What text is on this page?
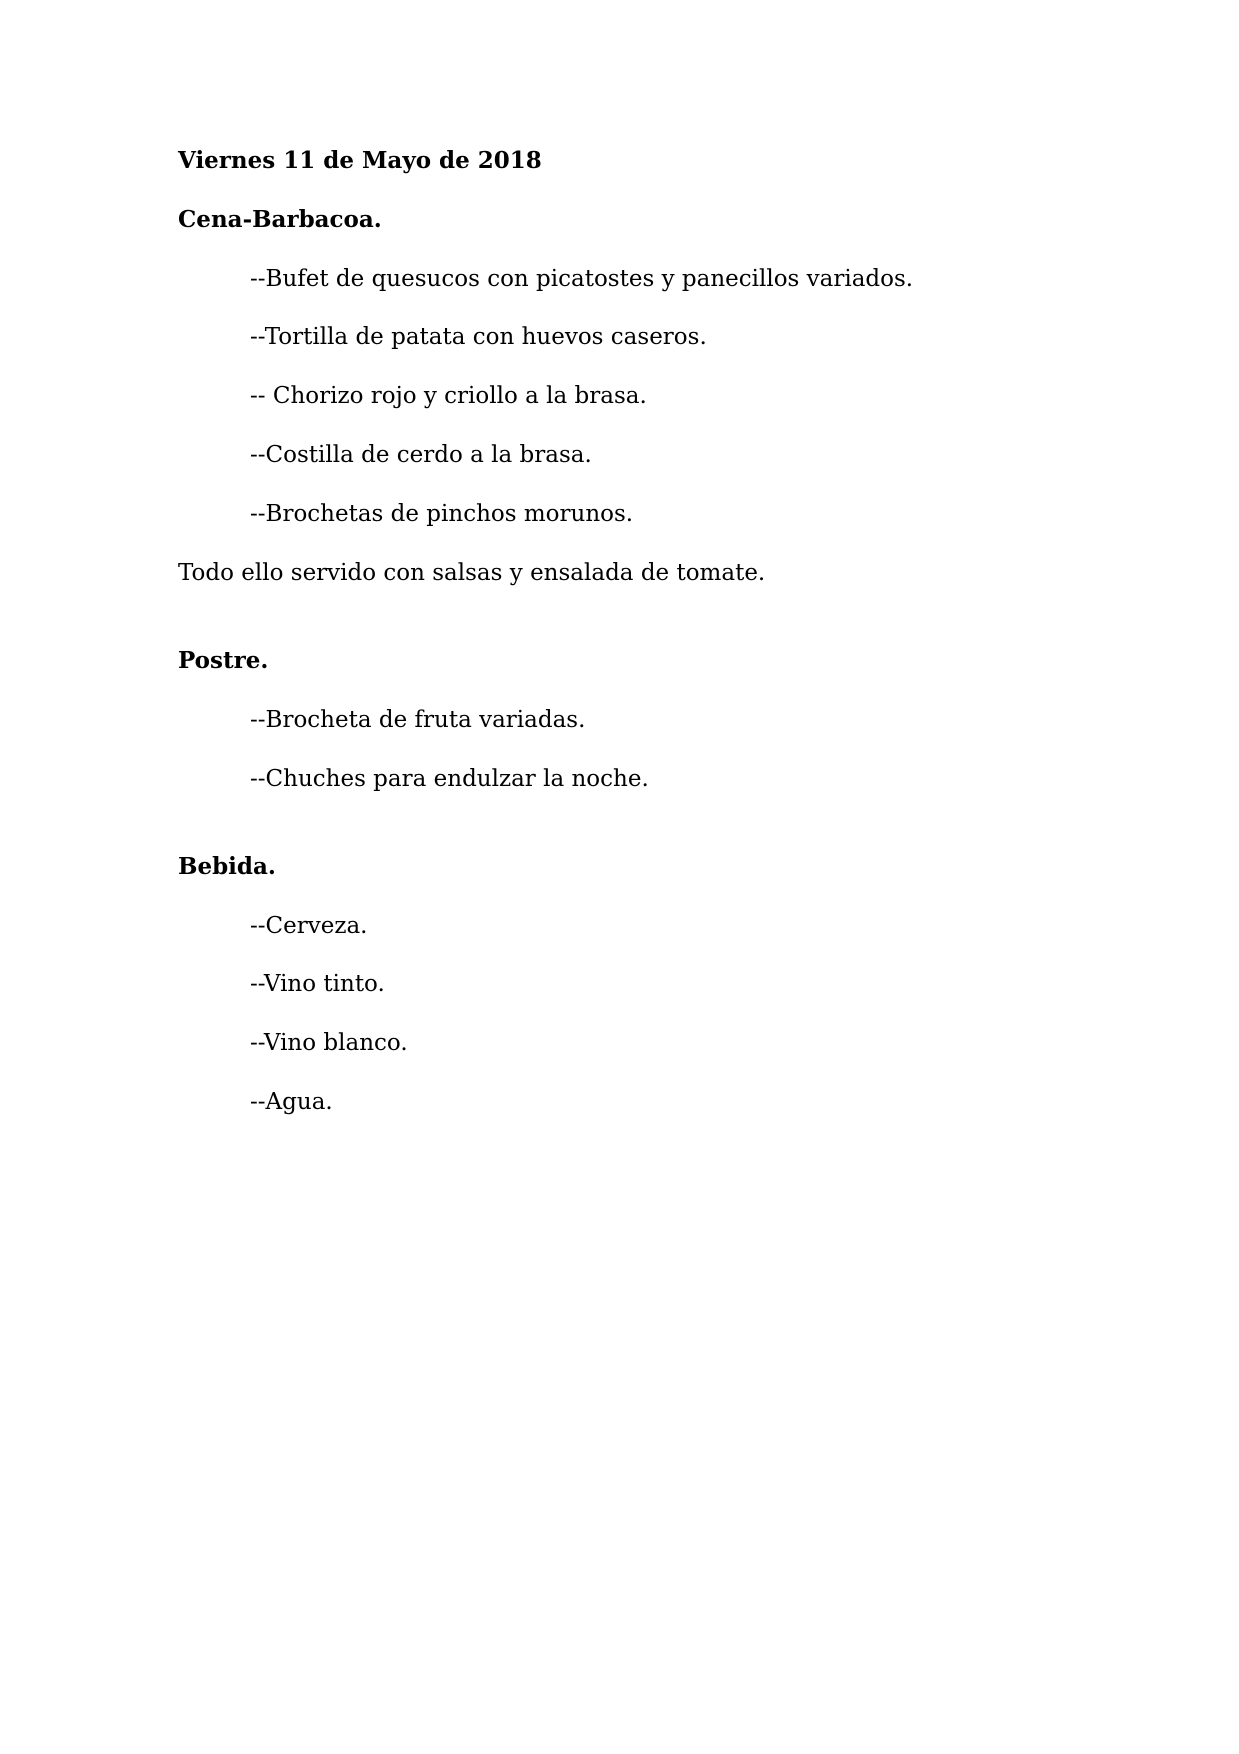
Viernes 11 de Mayo de 2018
Cena-Barbacoa.
--Bufet de quesucos con picatostes y panecillos variados.
--Tortilla de patata con huevos caseros.
-- Chorizo rojo y criollo a la brasa.
--Costilla de cerdo a la brasa.
--Brochetas de pinchos morunos.
Todo ello servido con salsas y ensalada de tomate.
Postre.
--Brocheta de fruta variadas.
--Chuches para endulzar la noche.
Bebida.
--Cerveza.
--Vino tinto.
--Vino blanco.
--Agua.
